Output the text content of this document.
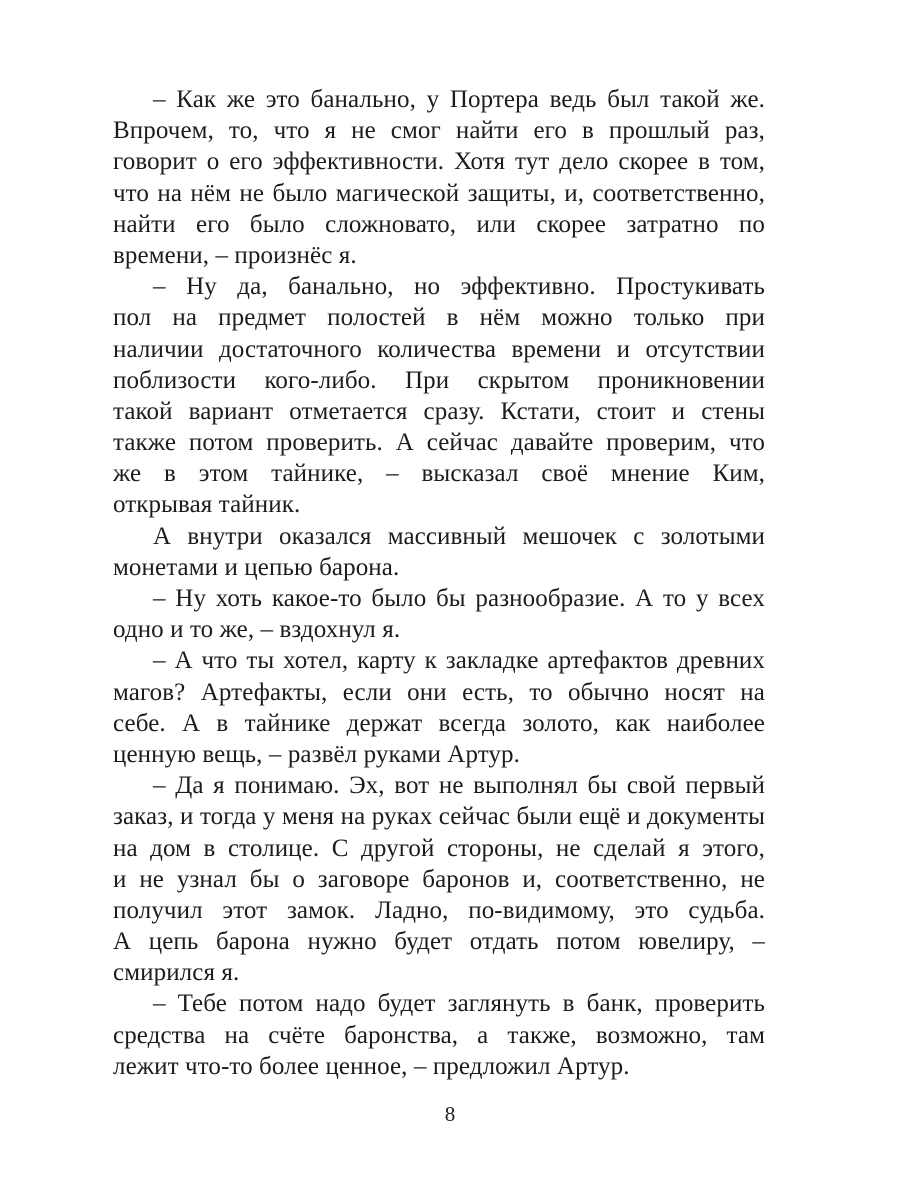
– Как же это банально, у Портера ведь был такой же.
Впрочем, то, что я не смог найти его в прошлый раз,
говорит о его эффективности. Хотя тут дело скорее в том,
что на нём не было магической защиты, и, соответственно,
найти его было сложновато, или скорее затратно по
времени, – произнёс я.
– Ну да, банально, но эффективно. Простукивать
пол на предмет полостей в нём можно только при
наличии достаточного количества времени и отсутствии
поблизости кого-либо. При скрытом проникновении
такой вариант отметается сразу. Кстати, стоит и стены
также потом проверить. А сейчас давайте проверим, что
же в этом тайнике, – высказал своё мнение Ким,
открывая тайник.
А внутри оказался массивный мешочек с золотыми
монетами и цепью барона.
– Ну хоть какое-то было бы разнообразие. А то у всех
одно и то же, – вздохнул я.
– А что ты хотел, карту к закладке артефактов древних
магов? Артефакты, если они есть, то обычно носят на
себе. А в тайнике держат всегда золото, как наиболее
ценную вещь, – развёл руками Артур.
– Да я понимаю. Эх, вот не выполнял бы свой первый
заказ, и тогда у меня на руках сейчас были ещё и документы
на дом в столице. С другой стороны, не сделай я этого,
и не узнал бы о заговоре баронов и, соответственно, не
получил этот замок. Ладно, по-видимому, это судьба.
А цепь барона нужно будет отдать потом ювелиру, –
смирился я.
– Тебе потом надо будет заглянуть в банк, проверить
средства на счёте баронства, а также, возможно, там
лежит что-то более ценное, – предложил Артур.
8
